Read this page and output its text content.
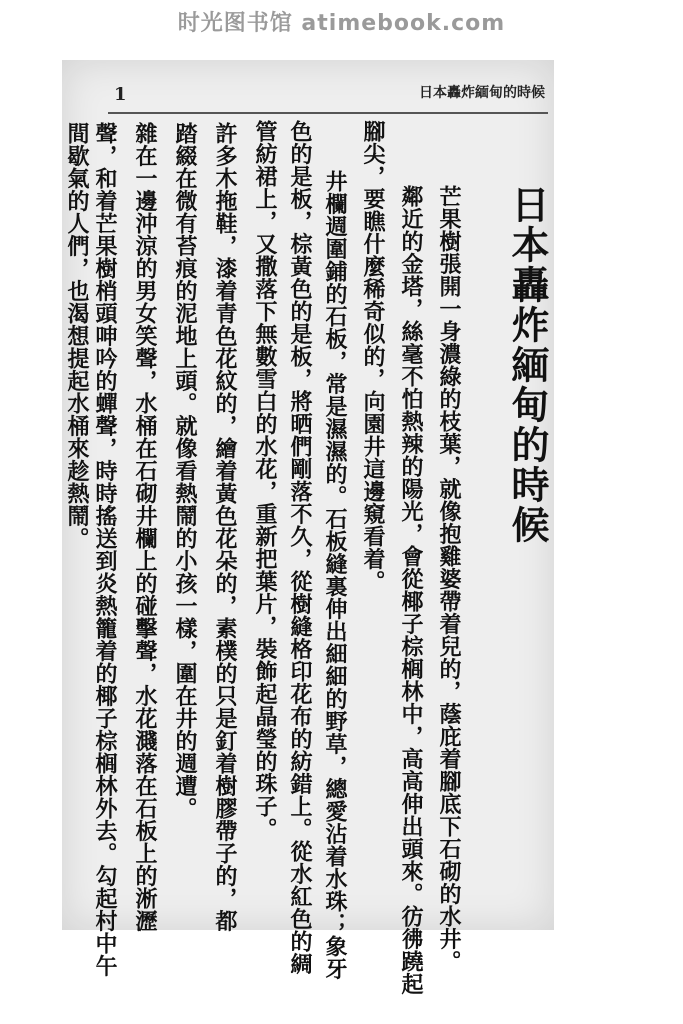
时光图书馆 atimebook.com
1	日本轟炸緬甸的時候
日本轟炸緬甸的時候
芒果樹張開一身濃綠的枝葉，就像抱雞婆帶着兒的，蔭庇着腳底下石砌的水井。
鄰近的金塔，絲毫不怕熱辣的陽光，會從椰子棕榈林中，高高伸出頭來。彷彿蹺起
腳尖，要瞧什麼稀奇似的，向園井這邊窺看着。
井欄週圍鋪的石板，常是濕濕的。石板縫裏伸出細細的野草，總愛沾着水珠；象牙
色的是板，棕黃色的是板，將晒們剛落不久，從樹縫格印花布的紡錯上。從水紅色的綢
管紡裙上，又撒落下無數雪白的水花，重新把葉片，裝飾起晶瑩的珠子。
許多木拖鞋，漆着青色花紋的，繪着黃色花朵的，素樸的只是釘着樹膠帶子的，都
踏綴在微有苔痕的泥地上頭。就像看熱鬧的小孩一樣，圍在井的週遭。
雜在一邊沖涼的男女笑聲，水桶在石砌井欄上的碰擊聲，水花濺落在石板上的淅瀝
聲，和着芒果樹梢頭呻吟的蟬聲，時時搖送到炎熱籠着的椰子棕榈林外去。勾起村中午
間歇氣的人們，也渴想提起水桶來趁熱鬧。
